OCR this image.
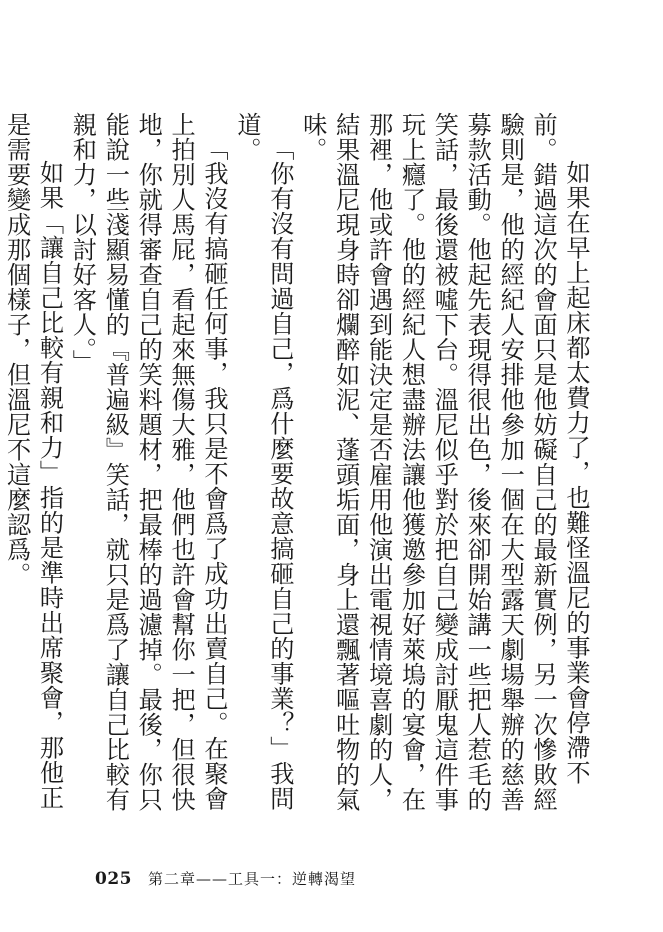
如果在早上起床都太費力了，也難怪溫尼的事業會停滯不前。錯過這次的會面只是他妨礙自己的最新實例，另一次慘敗經驗則是，他的經紀人安排他參加一個在大型露天劇場舉辦的慈善募款活動。他起先表現得很出色，後來卻開始講一些把人惹毛的笑話，最後還被噓下台。溫尼似乎對於把自己變成討厭鬼這件事玩上癮了。他的經紀人想盡辦法讓他獲邀參加好萊塢的宴會，在那裡，他或許會遇到能決定是否雇用他演出電視情境喜劇的人，結果溫尼現身時卻爛醉如泥、蓬頭垢面，身上還飄著嘔吐物的氣味。

「你有沒有問過自己，爲什麼要故意搞砸自己的事業？」我問道。

「我沒有搞砸任何事，我只是不會爲了成功出賣自己。在聚會上拍別人馬屁，看起來無傷大雅，他們也許會幫你一把，但很快地，你就得審查自己的笑料題材，把最棒的過濾掉。最後，你只能說一些淺顯易懂的『普遍級』笑話，就只是爲了讓自己比較有親和力，以討好客人。」

如果「讓自己比較有親和力」指的是準時出席聚會，那他正是需要變成那個樣子，但溫尼不這麼認爲。

025 第二章——工具一：逆轉渴望
